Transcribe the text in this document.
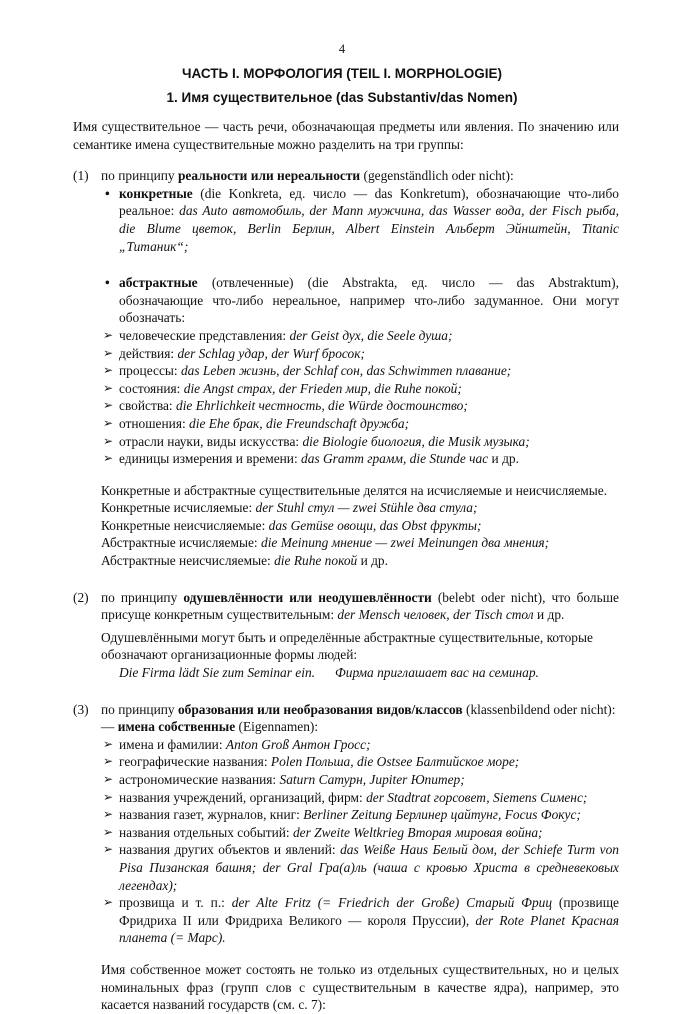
4
ЧАСТЬ I. МОРФОЛОГИЯ (TEIL I. MORPHOLOGIE)
1. Имя существительное (das Substantiv/das Nomen)

Имя существительное — часть речи, обозначающая предметы или явления. По значению или семантике имена существительные можно разделить на три группы:

(1) по принципу реальности или нереальности (gegenständlich oder nicht):
• конкретные (die Konkreta, ед. число — das Konkretum), обозначающие что-либо реальное: das Auto автомобиль, der Mann мужчина, das Wasser вода, der Fisch рыба, die Blume цветок, Berlin Берлин, Albert Einstein Альберт Эйнштейн, Titanic „Титаник“;
• абстрактные (отвлеченные) (die Abstrakta, ед. число — das Abstraktum), обозначающие что-либо нереальное, например что-либо задуманное. Они могут обозначать:
➢ человеческие представления: der Geist дух, die Seele душа;
➢ действия: der Schlag удар, der Wurf бросок;
➢ процессы: das Leben жизнь, der Schlaf сон, das Schwimmen плавание;
➢ состояния: die Angst страх, der Frieden мир, die Ruhe покой;
➢ свойства: die Ehrlichkeit честность, die Würde достоинство;
➢ отношения: die Ehe брак, die Freundschaft дружба;
➢ отрасли науки, виды искусства: die Biologie биология, die Musik музыка;
➢ единицы измерения и времени: das Gramm грамм, die Stunde час и др.

Конкретные и абстрактные существительные делятся на исчисляемые и неисчисляемые.

Конкретные исчисляемые: der Stuhl стул — zwei Stühle два стула;

Конкретные неисчисляемые: das Gemüse овощи, das Obst фрукты;

Абстрактные исчисляемые: die Meinung мнение — zwei Meinungen два мнения;

Абстрактные неисчисляемые: die Ruhe покой и др.

(2) по принципу одушевлённости или неодушевлённости (belebt oder nicht), что больше присуще конкретным существительным: der Mensch человек, der Tisch стол и др.

Одушевлёнными могут быть и определённые абстрактные существительные, которые обозначают организационные формы людей:

Die Firma lädt Sie zum Seminar ein. Фирма приглашает вас на семинар.

(3) по принципу образования или необразования видов/классов (klassenbildend oder nicht):
— имена собственные (Eigennamen):
➢ имена и фамилии: Anton Groß Антон Гросс;
➢ географические названия: Polen Польша, die Ostsee Балтийское море;
➢ астрономические названия: Saturn Сатурн, Jupiter Юпитер;
➢ названия учреждений, организаций, фирм: der Stadtrat горсовет, Siemens Сименс;
➢ названия газет, журналов, книг: Berliner Zeitung Берлинер цайтунг, Focus Фокус;
➢ названия отдельных событий: der Zweite Weltkrieg Вторая мировая война;
➢ названия других объектов и явлений: das Weiße Haus Белый дом, der Schiefe Turm von Pisa Пизанская башня; der Gral Гра(а)ль (чаша с кровью Христа в средневековых легендах);
➢ прозвища и т. п.: der Alte Fritz (= Friedrich der Große) Старый Фриц (прозвище Фридриха II или Фридриха Великого — короля Пруссии), der Rote Planet Красная планета (= Марс).

Имя собственное может состоять не только из отдельных существительных, но и целых номинальных фраз (групп слов с существительным в качестве ядра), например, это касается названий государств (см. с. 7):
